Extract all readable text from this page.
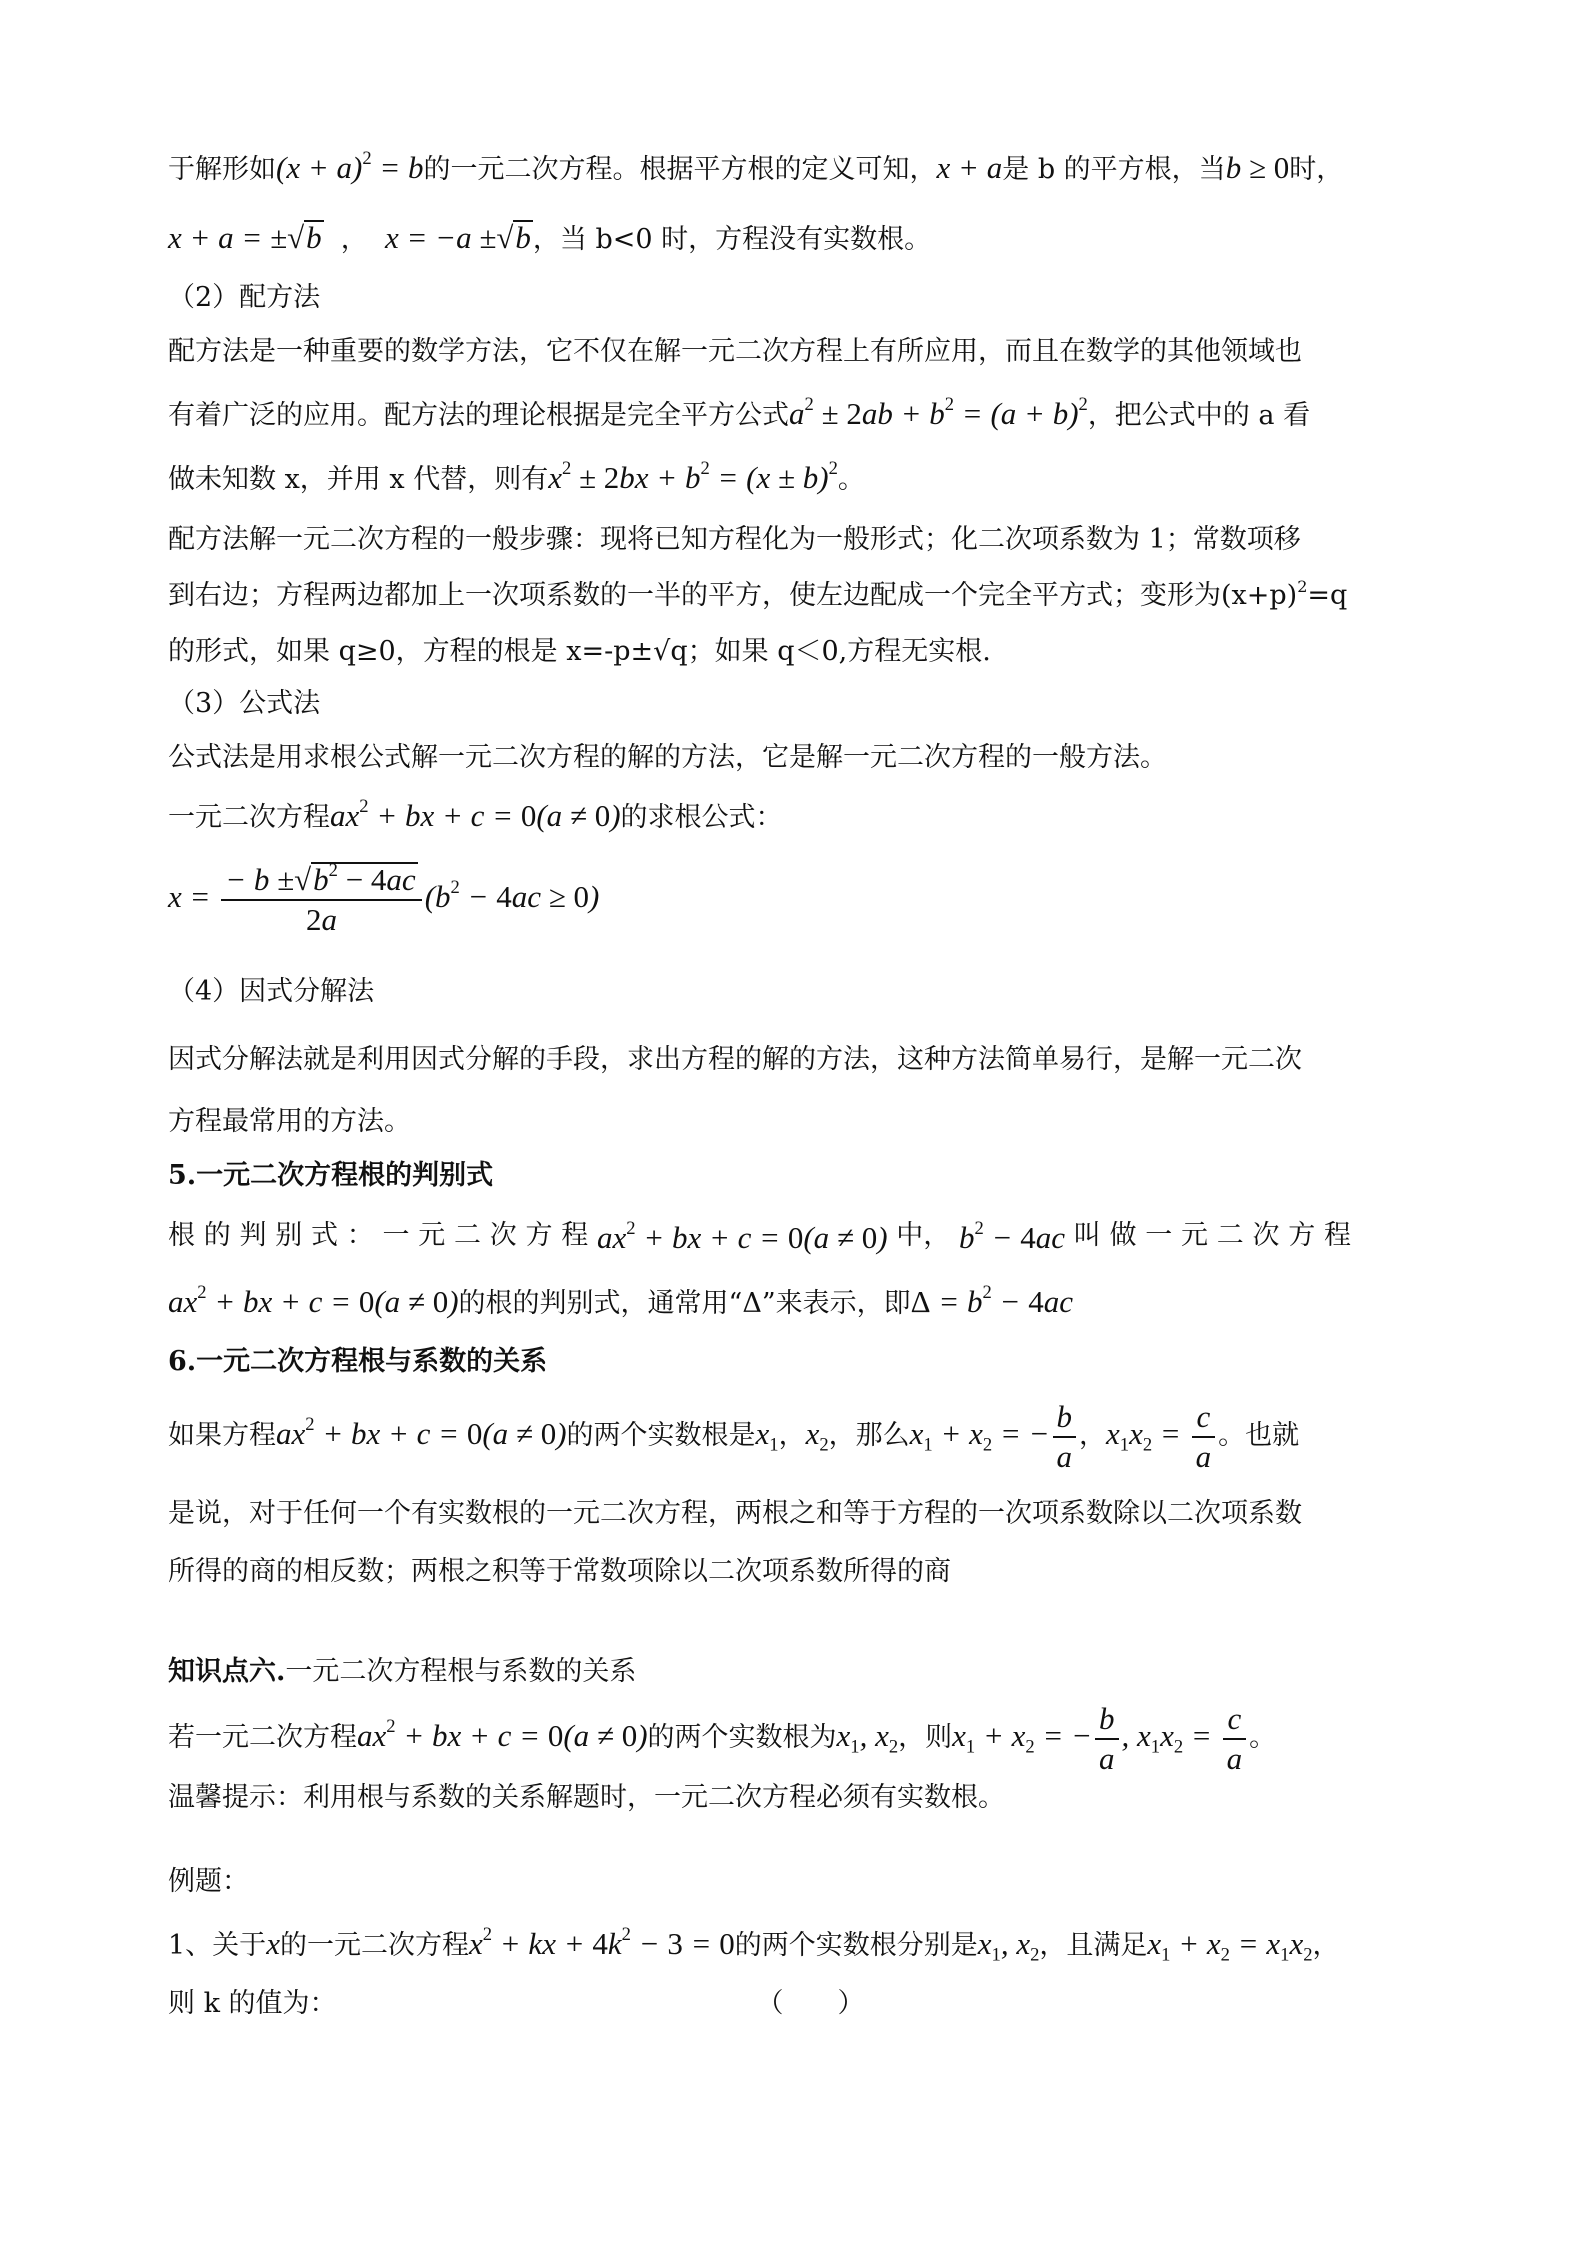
于解形如$(x + a)^2 = b$的一元二次方程。根据平方根的定义可知，x + a是 b 的平方根，当b ≥ 0时，
x + a = ±√b  ，  x = −a ±√b，当 b<0 时，方程没有实数根。
（2）配方法
配方法是一种重要的数学方法，它不仅在解一元二次方程上有所应用，而且在数学的其他领域也
有着广泛的应用。配方法的理论根据是完全平方公式$a^2 \pm 2ab + b^2 = (a + b)^2$，把公式中的 a 看
做未知数 x，并用 x 代替，则有$x^2 \pm 2bx + b^2 = (x \pm b)^2$。
配方法解一元二次方程的一般步骤：现将已知方程化为一般形式；化二次项系数为 1；常数项移
到右边；方程两边都加上一次项系数的一半的平方，使左边配成一个完全平方式；变形为$(x+p)^2=q$
的形式，如果 q≥0，方程的根是 x=-p±√q；如果 q＜0,方程无实根.
（3）公式法
公式法是用求根公式解一元二次方程的解的方法，它是解一元二次方程的一般方法。
一元二次方程$ax^2$ + bx + c = 0(a ≠ 0)的求根公式：
$x = \frac{- b \pm√b^2 - 4ac}{2a} (b^2 - 4ac \ge 0)$
（4）因式分解法
因式分解法就是利用因式分解的手段，求出方程的解的方法，这种方法简单易行，是解一元二次
方程最常用的方法。
5.一元二次方程根的判别式
根 的 判 别 式 ： 一 元 二 次 方 程 $ax^2$ + bx + c = 0(a ≠ 0) 中， $b^2 - 4ac$ 叫 做 一 元 二 次 方 程
$ax^2$ + bx + c = 0(a ≠ 0)的根的判别式，通常用“Δ”来表示，即$\Delta = b^2 - 4ac$
6.一元二次方程根与系数的关系
如果方程$ax^2$ + bx + c = 0(a ≠ 0)的两个实数根是$x_1$，$x_2$，那么$x_1 + x_2$ = − $\frac{b}{a}$ ，$x_1x_2 = \frac{c}{a}$ 。也就
是说，对于任何一个有实数根的一元二次方程，两根之和等于方程的一次项系数除以二次项系数
所得的商的相反数；两根之积等于常数项除以二次项系数所得的商
知识点六.一元二次方程根与系数的关系
若一元二次方程$ax^2$ + bx + c = 0(a ≠ 0)的两个实数根为$x_1$, $x_2$，则$x_1 + x_2$ = − $\frac{b}{a}$ , $x_1x_2 = \frac{c}{a}$ 。
温馨提示：利用根与系数的关系解题时，一元二次方程必须有实数根。
例题：
1、关于x的一元二次方程$x^2$ + kx + $4k^2 - 3 = 0$的两个实数根分别是$x_1$, $x_2$，且满足$x_1 + x_2 = x_1x_2$，
则 k 的值为：	（　　）
